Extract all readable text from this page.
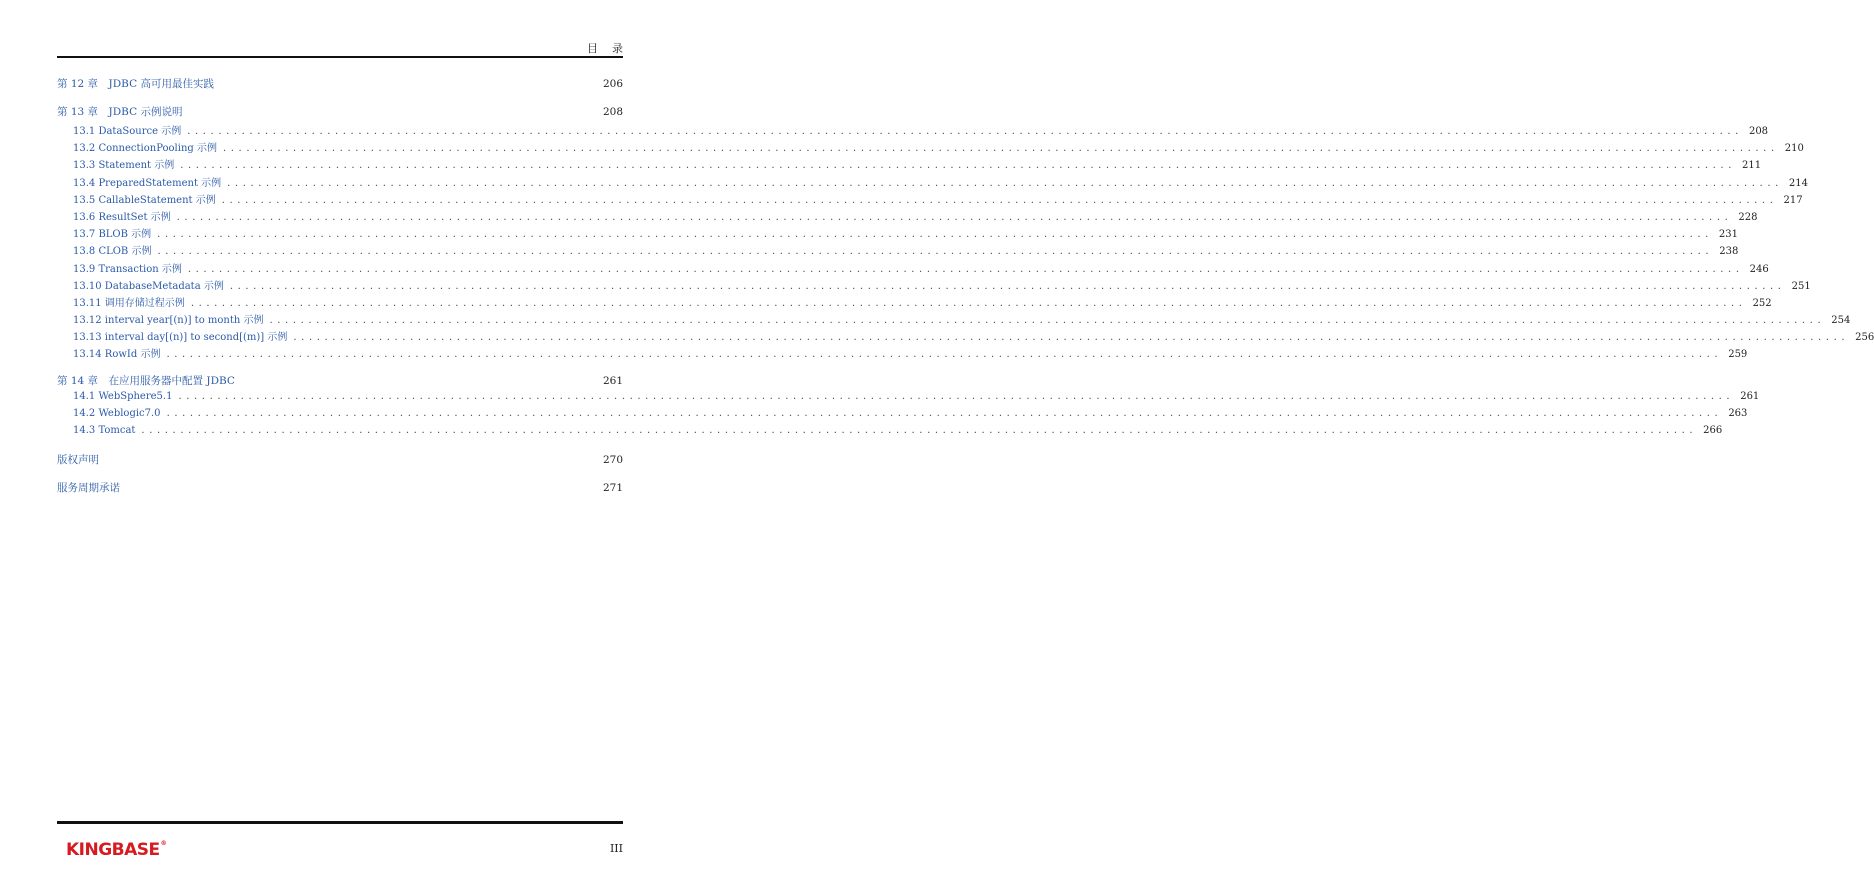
目录
第 12 章　JDBC 高可用最佳实践	206
第 13 章　JDBC 示例说明	208
13.1 DataSource 示例 ........................................................................................................................................................................................................ 208
13.2 ConnectionPooling 示例 ........................................................................................................................................................................................................ 210
13.3 Statement 示例 ........................................................................................................................................................................................................ 211
13.4 PreparedStatement 示例 ........................................................................................................................................................................................................ 214
13.5 CallableStatement 示例 ........................................................................................................................................................................................................ 217
13.6 ResultSet 示例 ........................................................................................................................................................................................................ 228
13.7 BLOB 示例 ........................................................................................................................................................................................................ 231
13.8 CLOB 示例 ........................................................................................................................................................................................................ 238
13.9 Transaction 示例 ........................................................................................................................................................................................................ 246
13.10 DatabaseMetadata 示例 ........................................................................................................................................................................................................ 251
13.11 调用存储过程示例 ........................................................................................................................................................................................................ 252
13.12 interval year[(n)] to month 示例 ........................................................................................................................................................................................................ 254
13.13 interval day[(n)] to second[(m)] 示例 ........................................................................................................................................................................................................ 256
13.14 RowId 示例 ........................................................................................................................................................................................................ 259
第 14 章　在应用服务器中配置 JDBC	261
14.1 WebSphere5.1 ........................................................................................................................................................................................................ 261
14.2 Weblogic7.0 ........................................................................................................................................................................................................ 263
14.3 Tomcat ........................................................................................................................................................................................................ 266
版权声明	270
服务周期承诺	271
KINGBASE®	III
